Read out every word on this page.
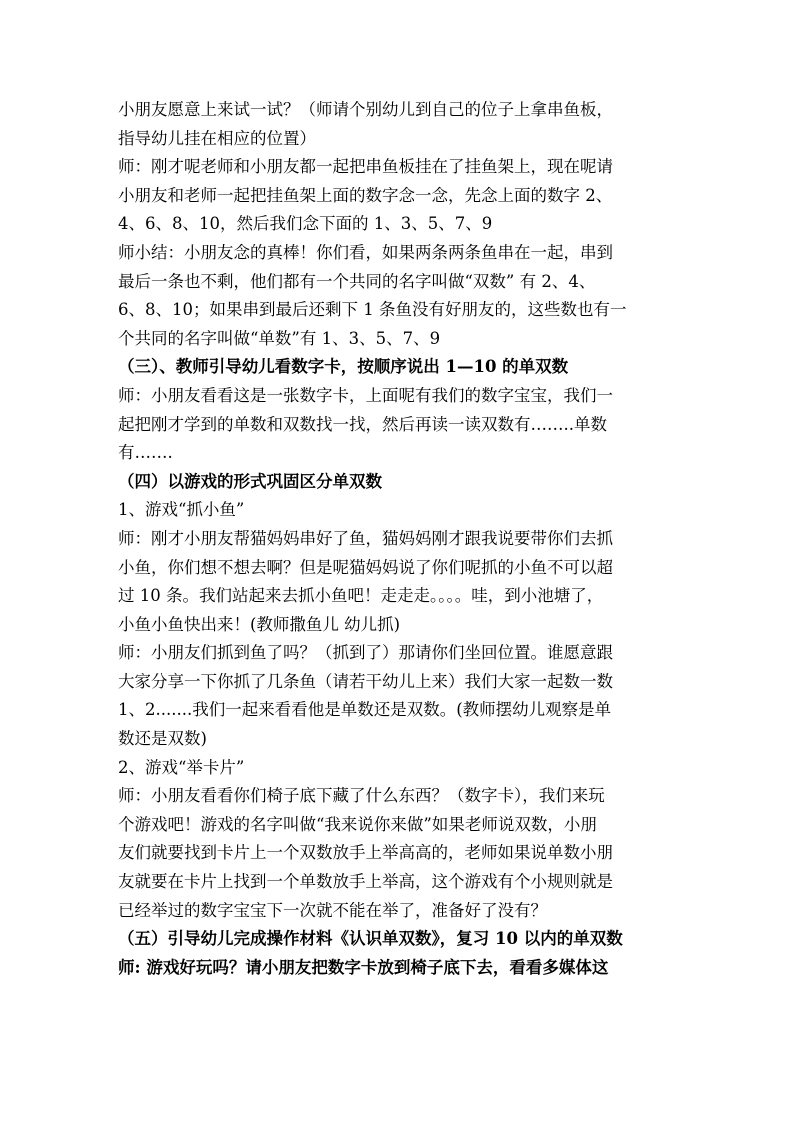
小朋友愿意上来试一试？（师请个别幼儿到自己的位子上拿串鱼板，

指导幼儿挂在相应的位置）

师：刚才呢老师和小朋友都一起把串鱼板挂在了挂鱼架上，现在呢请

小朋友和老师一起把挂鱼架上面的数字念一念，先念上面的数字 2、

4、6、8、10，然后我们念下面的 1、3、5、7、9

师小结：小朋友念的真棒！你们看，如果两条两条鱼串在一起，串到

最后一条也不剩，他们都有一个共同的名字叫做“双数” 有 2、4、

6、8、10；如果串到最后还剩下 1 条鱼没有好朋友的，这些数也有一

个共同的名字叫做“单数”有 1、3、5、7、9

（三）、教师引导幼儿看数字卡，按顺序说出 1—10 的单双数

师：小朋友看看这是一张数字卡，上面呢有我们的数字宝宝，我们一

起把刚才学到的单数和双数找一找，然后再读一读双数有……..单数

有…….

（四）以游戏的形式巩固区分单双数

1、游戏“抓小鱼”

师：刚才小朋友帮猫妈妈串好了鱼，猫妈妈刚才跟我说要带你们去抓

小鱼，你们想不想去啊？但是呢猫妈妈说了你们呢抓的小鱼不可以超

过 10 条。我们站起来去抓小鱼吧！走走走。。。。哇，到小池塘了，

小鱼小鱼快出来！(教师撒鱼儿 幼儿抓)

师：小朋友们抓到鱼了吗？（抓到了）那请你们坐回位置。谁愿意跟

大家分享一下你抓了几条鱼（请若干幼儿上来）我们大家一起数一数

1、2.......我们一起来看看他是单数还是双数。(教师摆幼儿观察是单

数还是双数)

2、游戏“举卡片”

师：小朋友看看你们椅子底下藏了什么东西？（数字卡），我们来玩

个游戏吧！游戏的名字叫做“我来说你来做”如果老师说双数，小朋

友们就要找到卡片上一个双数放手上举高高的，老师如果说单数小朋

友就要在卡片上找到一个单数放手上举高，这个游戏有个小规则就是

已经举过的数字宝宝下一次就不能在举了，准备好了没有？

（五）引导幼儿完成操作材料《认识单双数》，复习 10 以内的单双数

师: 游戏好玩吗？请小朋友把数字卡放到椅子底下去，看看多媒体这
